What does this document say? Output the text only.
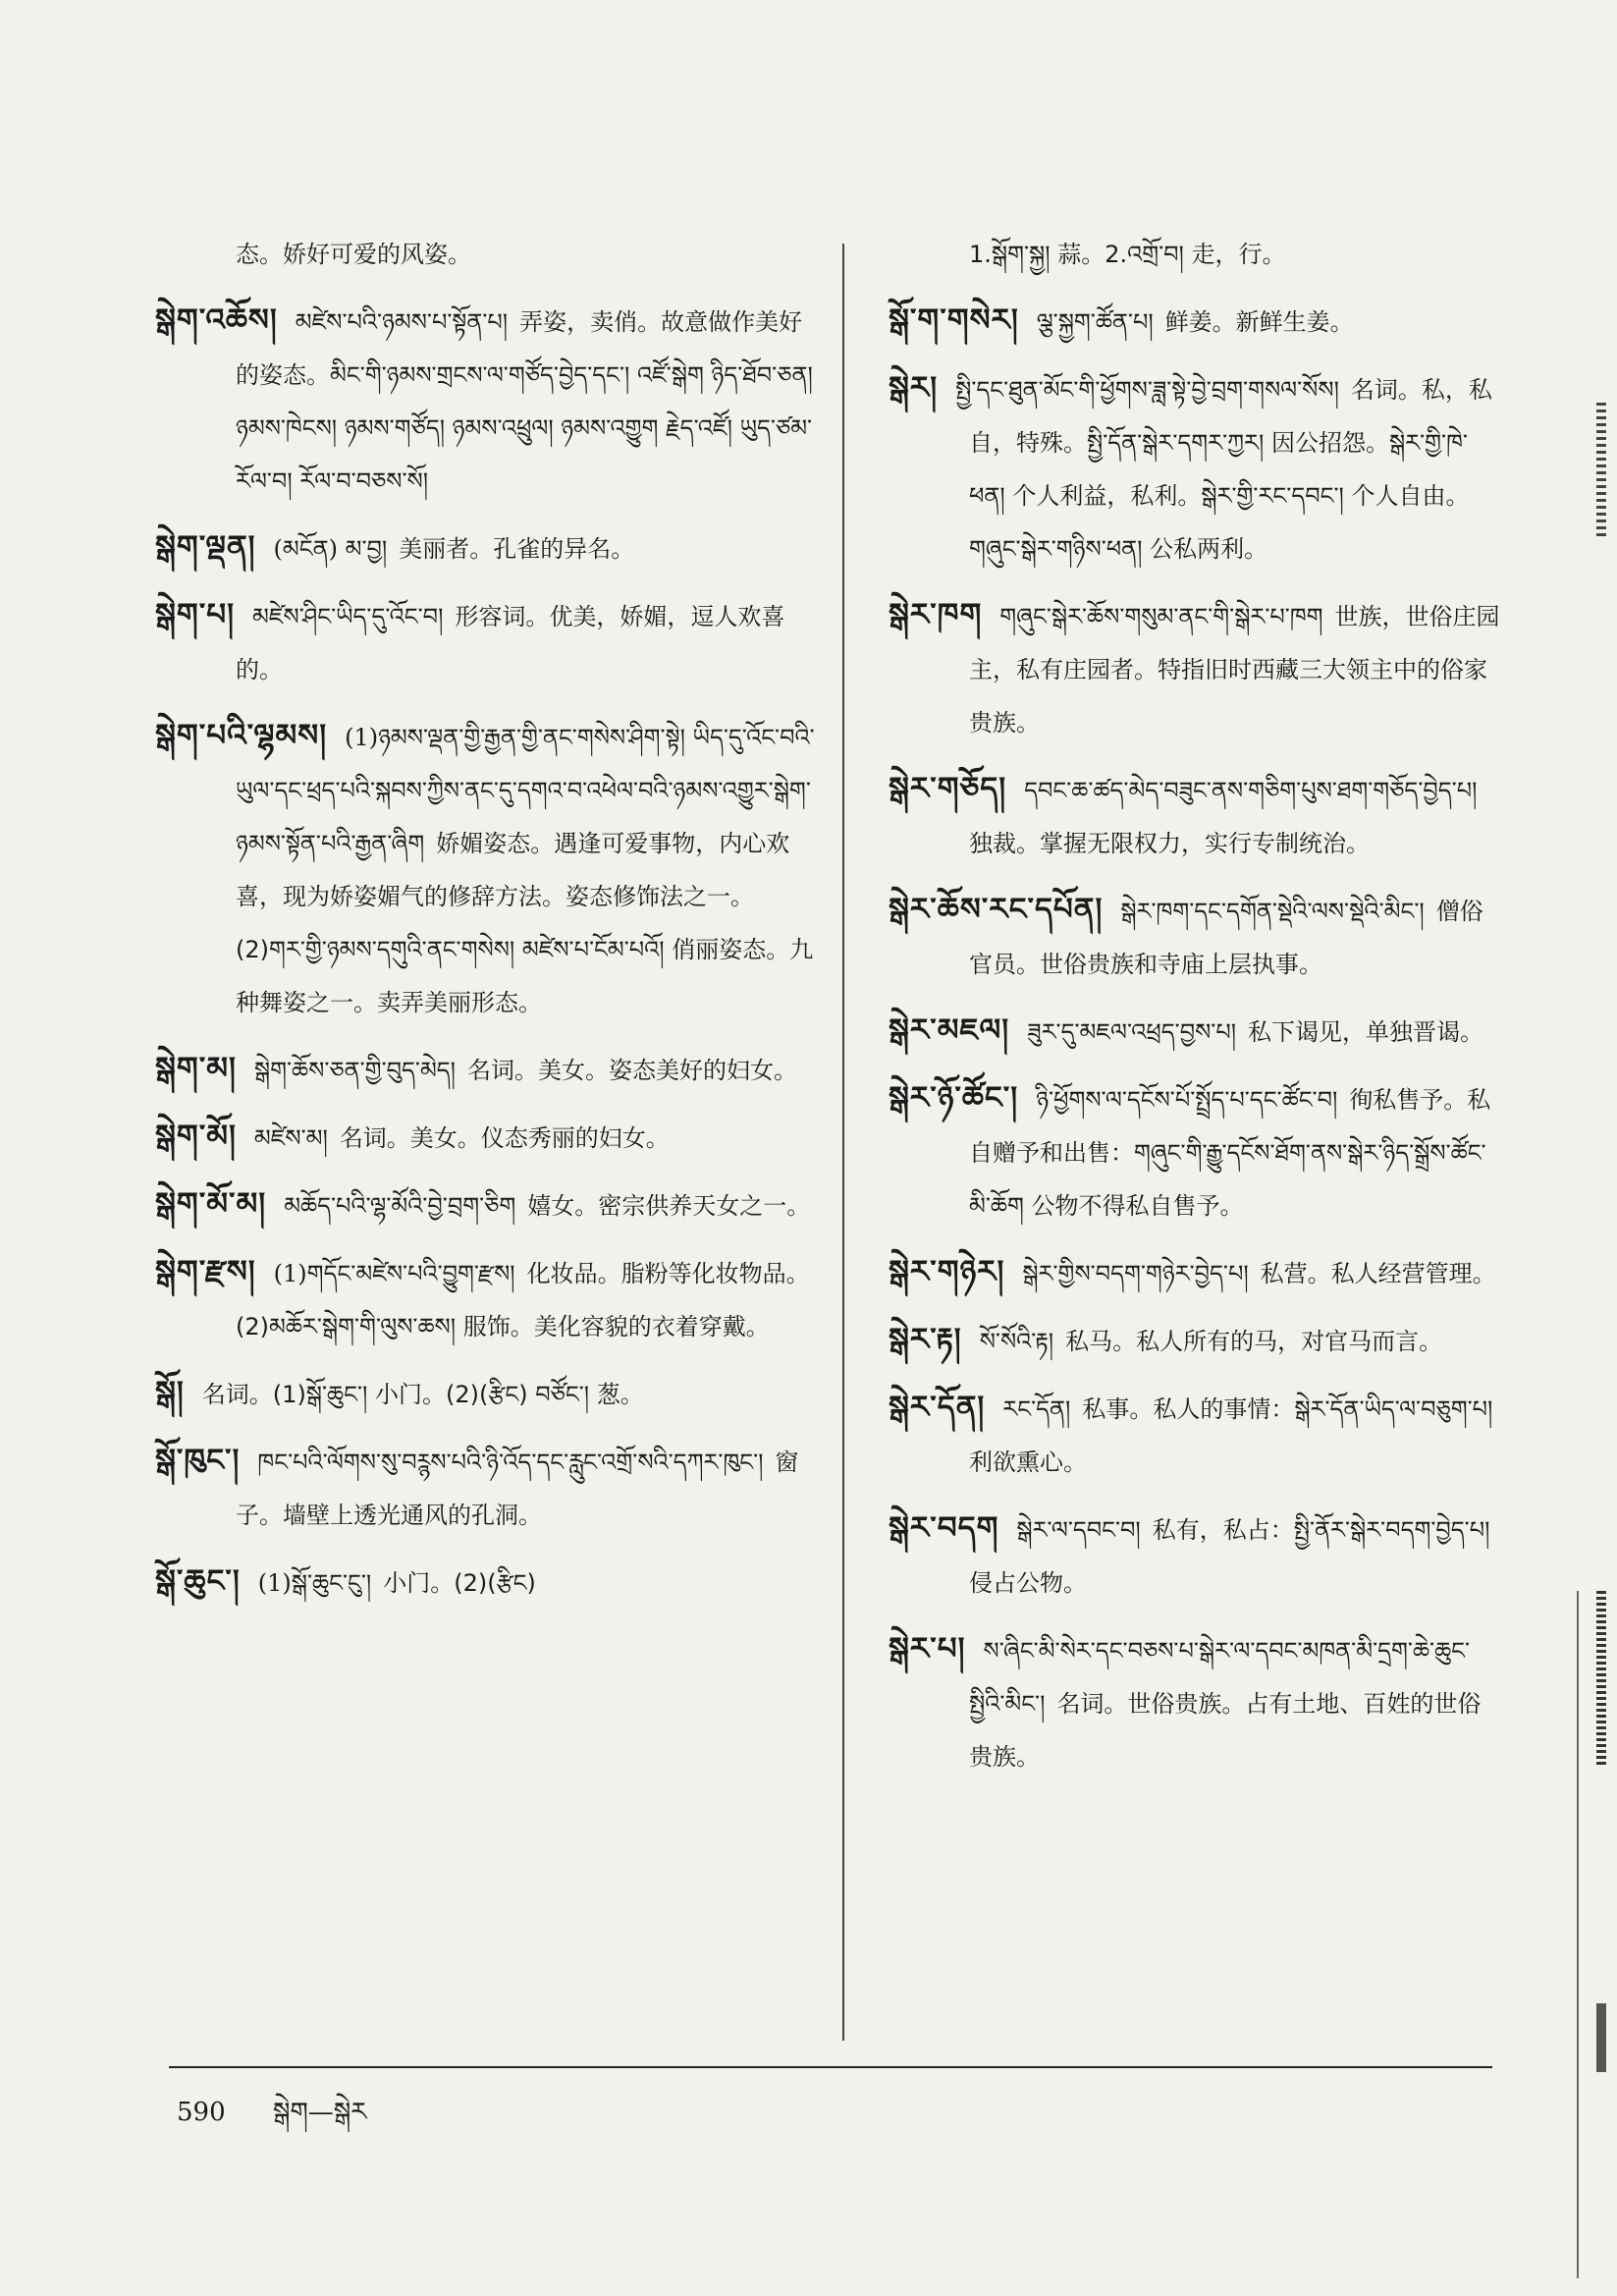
态。娇好可爱的风姿。
སྒེག་འཆོས། མཛེས་པའི་ཉམས་པ་སྟོན་པ། 弄姿，卖俏。故意做作美好的姿态。མིང་གི་ཉམས་གྲངས་ལ་གཙོད་བྱེད་དང་། འཛོ་སྒེག ཉིད་ཐོབ་ཅན། ཉམས་ཁེངས། ཉམས་གཙོད། ཉམས་འཕྲུལ། ཉམས་འགྱུག རྗེད་འཛོ། ཡུད་ཙམ་རོལ་བ། རོལ་བ་བཅས་སོ།
སྒེག་ལྡན། (མངོན) མ་བྱ། 美丽者。孔雀的异名。
སྒེག་པ། མཛེས་ཤིང་ཡིད་དུ་འོང་བ། 形容词。优美，娇媚，逗人欢喜的。
སྒེག་པའི་ལྷམས། (1)ཉམས་ལྡན་གྱི་རྒྱན་གྱི་ནང་གསེས་ཤིག་སྟེ། ཡིད་དུ་འོང་བའི་ཡུལ་དང་ཕྲད་པའི་སྐབས་ཀྱིས་ནང་དུ་དགའ་བ་འཕེལ་བའི་ཉམས་འགྱུར་སྒེག་ཉམས་སྟོན་པའི་རྒྱན་ཞིག 娇媚姿态。遇逢可爱事物，内心欢喜，现为娇姿媚气的修辞方法。姿态修饰法之一。(2)གར་གྱི་ཉམས་དགུའི་ནང་གསེས། མཛེས་པ་ངོམ་པའོ། 俏丽姿态。九种舞姿之一。卖弄美丽形态。
སྒེག་མ། སྒེག་ཆོས་ཅན་གྱི་བུད་མེད། 名词。美女。姿态美好的妇女。
སྒེག་མོ། མཛེས་མ། 名词。美女。仪态秀丽的妇女。
སྒེག་མོ་མ། མཆོད་པའི་ལྷ་མོའི་བྱེ་བྲག་ཅིག 嬉女。密宗供养天女之一。
སྒེག་རྫས། (1)གདོང་མཛེས་པའི་བྱུག་རྫས། 化妆品。脂粉等化妆物品。(2)མཆོར་སྒེག་གི་ལུས་ཆས། 服饰。美化容貌的衣着穿戴。
སྒོ། 名词。(1)སྒོ་ཆུང་། 小门。(2)(རྩིང) བཙོང་། 葱。
སྒོ་ཁུང་། ཁང་པའི་ལོགས་སུ་བཪྙས་པའི་ཉི་འོད་དང་རླུང་འགྲོ་སའི་དཀར་ཁུང་། 窗子。墙壁上透光通风的孔洞。
སྒོ་ཆུང་། (1)སྒོ་ཆུང་ངུ་། 小门。(2)(རྩིང)
1.སྒོག་སྐྱ། 蒜。2.འགྲོ་བ། 走，行。
སྒོ་ག་གསེར། ལྕ་སྐྱག་ཚོན་པ། 鲜姜。新鲜生姜。
སྒེར། སྤྱི་དང་ཐུན་མོང་གི་ཕྱོགས་ཟླ་སྟེ་བྱེ་བྲག་གསལ་སོས། 名词。私，私自，特殊。སྤྱི་དོན་སྒེར་དགར་ཀྱར། 因公招怨。སྒེར་གྱི་ཁེ་ཕན། 个人利益，私利。སྒེར་གྱི་རང་དབང་། 个人自由。གཞུང་སྒེར་གཉིས་ཕན། 公私两利。
སྒེར་ཁག གཞུང་སྒེར་ཆོས་གསུམ་ནང་གི་སྒེར་པ་ཁག 世族，世俗庄园主，私有庄园者。特指旧时西藏三大领主中的俗家贵族。
སྒེར་གཅོད། དབང་ཆ་ཚད་མེད་བཟུང་ནས་གཅིག་པུས་ཐག་གཅོད་བྱེད་པ།独裁。掌握无限权力，实行专制统治。
སྒེར་ཆོས་རང་དཔོན། སྒེར་ཁག་དང་དགོན་སྡེའི་ལས་སྡེའི་མིང་། 僧俗官员。世俗贵族和寺庙上层执事。
སྒེར་མཇལ། ཟུར་དུ་མཇལ་འཕྲད་བྱས་པ། 私下谒见，单独晋谒。
སྒེར་ཉོ་ཚོང་། ཉི་ཕྱོགས་ལ་དངོས་པོ་སྤྲོད་པ་དང་ཚོང་བ། 徇私售予。私自赠予和出售：གཞུང་གི་རྒྱུ་དངོས་ཐོག་ནས་སྒེར་ཉིད་སྒྲོས་ཚོང་མི་ཆོག 公物不得私自售予。
སྒེར་གཉེར། སྒེར་གྱིས་བདག་གཉེར་བྱེད་པ། 私营。私人经营管理。
སྒེར་རྟ། སོ་སོའི་རྟ། 私马。私人所有的马，对官马而言。
སྒེར་དོན། རང་དོན། 私事。私人的事情：སྒེར་དོན་ཡིད་ལ་བཅུག་པ། 利欲熏心。
སྒེར་བདག སྒེར་ལ་དབང་བ། 私有，私占：སྤྱི་ནོར་སྒེར་བདག་བྱེད་པ། 侵占公物。
སྒེར་པ། ས་ཞིང་མི་སེར་དང་བཅས་པ་སྒེར་ལ་དབང་མཁན་མི་དྲག་ཆེ་ཆུང་སྤྱིའི་མིང་། 名词。世俗贵族。占有土地、百姓的世俗贵族。
590 སྒེག—སྒེར
